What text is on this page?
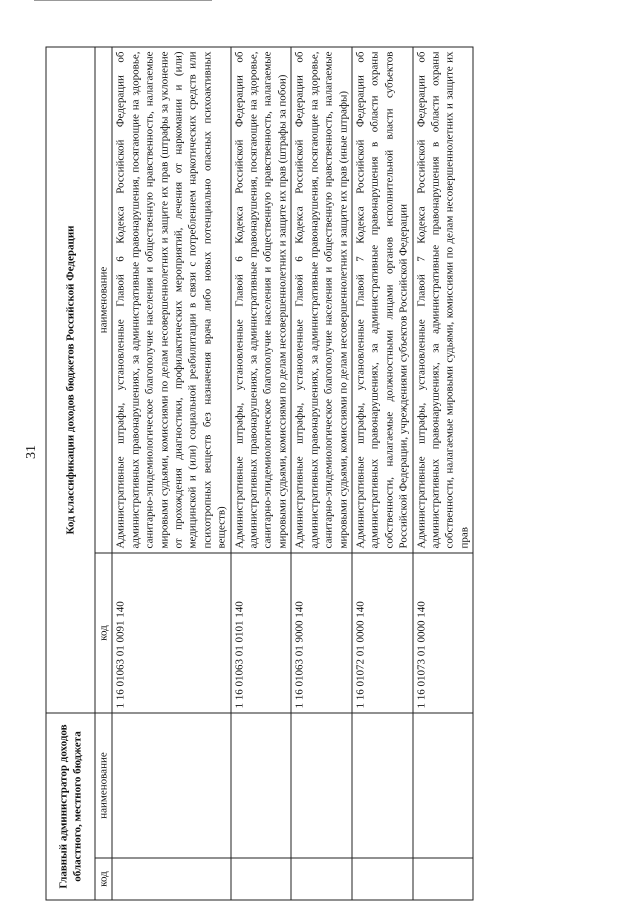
31
Главный администратор доходов областного, местного бюджета		Код классификации доходов бюджетов Российской Федерации	
код	наименование	код	наименование
		1 16 01063 01 0091 140	Административные штрафы, установленные Главой 6 Кодекса Российской Федерации об административных правонарушениях, за административные правонарушения, посягающие на здоровье, санитарно-эпидемиологическое благополучие населения и общественную нравственность, налагаемые мировыми судьями, комиссиями по делам несовершеннолетних и защите их прав (штрафы за уклонение от прохождения диагностики, профилактических мероприятий, лечения от наркомании и (или) медицинской и (или) социальной реабилитации в связи с потреблением наркотических средств или психотропных веществ без назначения врача либо новых потенциально опасных психоактивных веществ)
		1 16 01063 01 0101 140	Административные штрафы, установленные Главой 6 Кодекса Российской Федерации об административных правонарушениях, за административные правонарушения, посягающие на здоровье, санитарно-эпидемиологическое благополучие населения и общественную нравственность, налагаемые мировыми судьями, комиссиями по делам несовершеннолетних и защите их прав (штрафы за побои)
		1 16 01063 01 9000 140	Административные штрафы, установленные Главой 6 Кодекса Российской Федерации об административных правонарушениях, за административные правонарушения, посягающие на здоровье, санитарно-эпидемиологическое благополучие населения и общественную нравственность, налагаемые мировыми судьями, комиссиями по делам несовершеннолетних и защите их прав (иные штрафы)
		1 16 01072 01 0000 140	Административные штрафы, установленные Главой 7 Кодекса Российской Федерации об административных правонарушениях, за административные правонарушения в области охраны собственности, налагаемые должностными лицами органов исполнительной власти субъектов Российской Федерации, учреждениями субъектов Российской Федерации
		1 16 01073 01 0000 140	Административные штрафы, установленные Главой 7 Кодекса Российской Федерации об административных правонарушениях, за административные правонарушения в области охраны собственности, налагаемые мировыми судьями, комиссиями по делам несовершеннолетних и защите их прав
